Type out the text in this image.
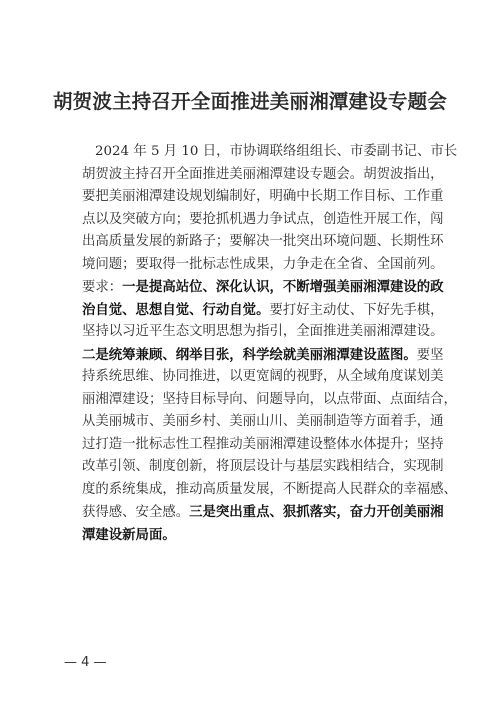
胡贺波主持召开全面推进美丽湘潭建设专题会
2024 年 5 月 10 日，市协调联络组组长、市委副书记、市长
胡贺波主持召开全面推进美丽湘潭建设专题会。胡贺波指出，
要把美丽湘潭建设规划编制好，明确中长期工作目标、工作重
点以及突破方向；要抢抓机遇力争试点，创造性开展工作，闯
出高质量发展的新路子；要解决一批突出环境问题、长期性环
境问题；要取得一批标志性成果，力争走在全省、全国前列。
要求：一是提高站位、深化认识，不断增强美丽湘潭建设的政
治自觉、思想自觉、行动自觉。要打好主动仗、下好先手棋，
坚持以习近平生态文明思想为指引，全面推进美丽湘潭建设。
二是统筹兼顾、纲举目张，科学绘就美丽湘潭建设蓝图。要坚
持系统思维、协同推进，以更宽阔的视野，从全域角度谋划美
丽湘潭建设；坚持目标导向、问题导向，以点带面、点面结合，
从美丽城市、美丽乡村、美丽山川、美丽制造等方面着手，通
过打造一批标志性工程推动美丽湘潭建设整体水体提升；坚持
改革引领、制度创新，将顶层设计与基层实践相结合，实现制
度的系统集成，推动高质量发展，不断提高人民群众的幸福感、
获得感、安全感。三是突出重点、狠抓落实，奋力开创美丽湘
潭建设新局面。
— 4 —
